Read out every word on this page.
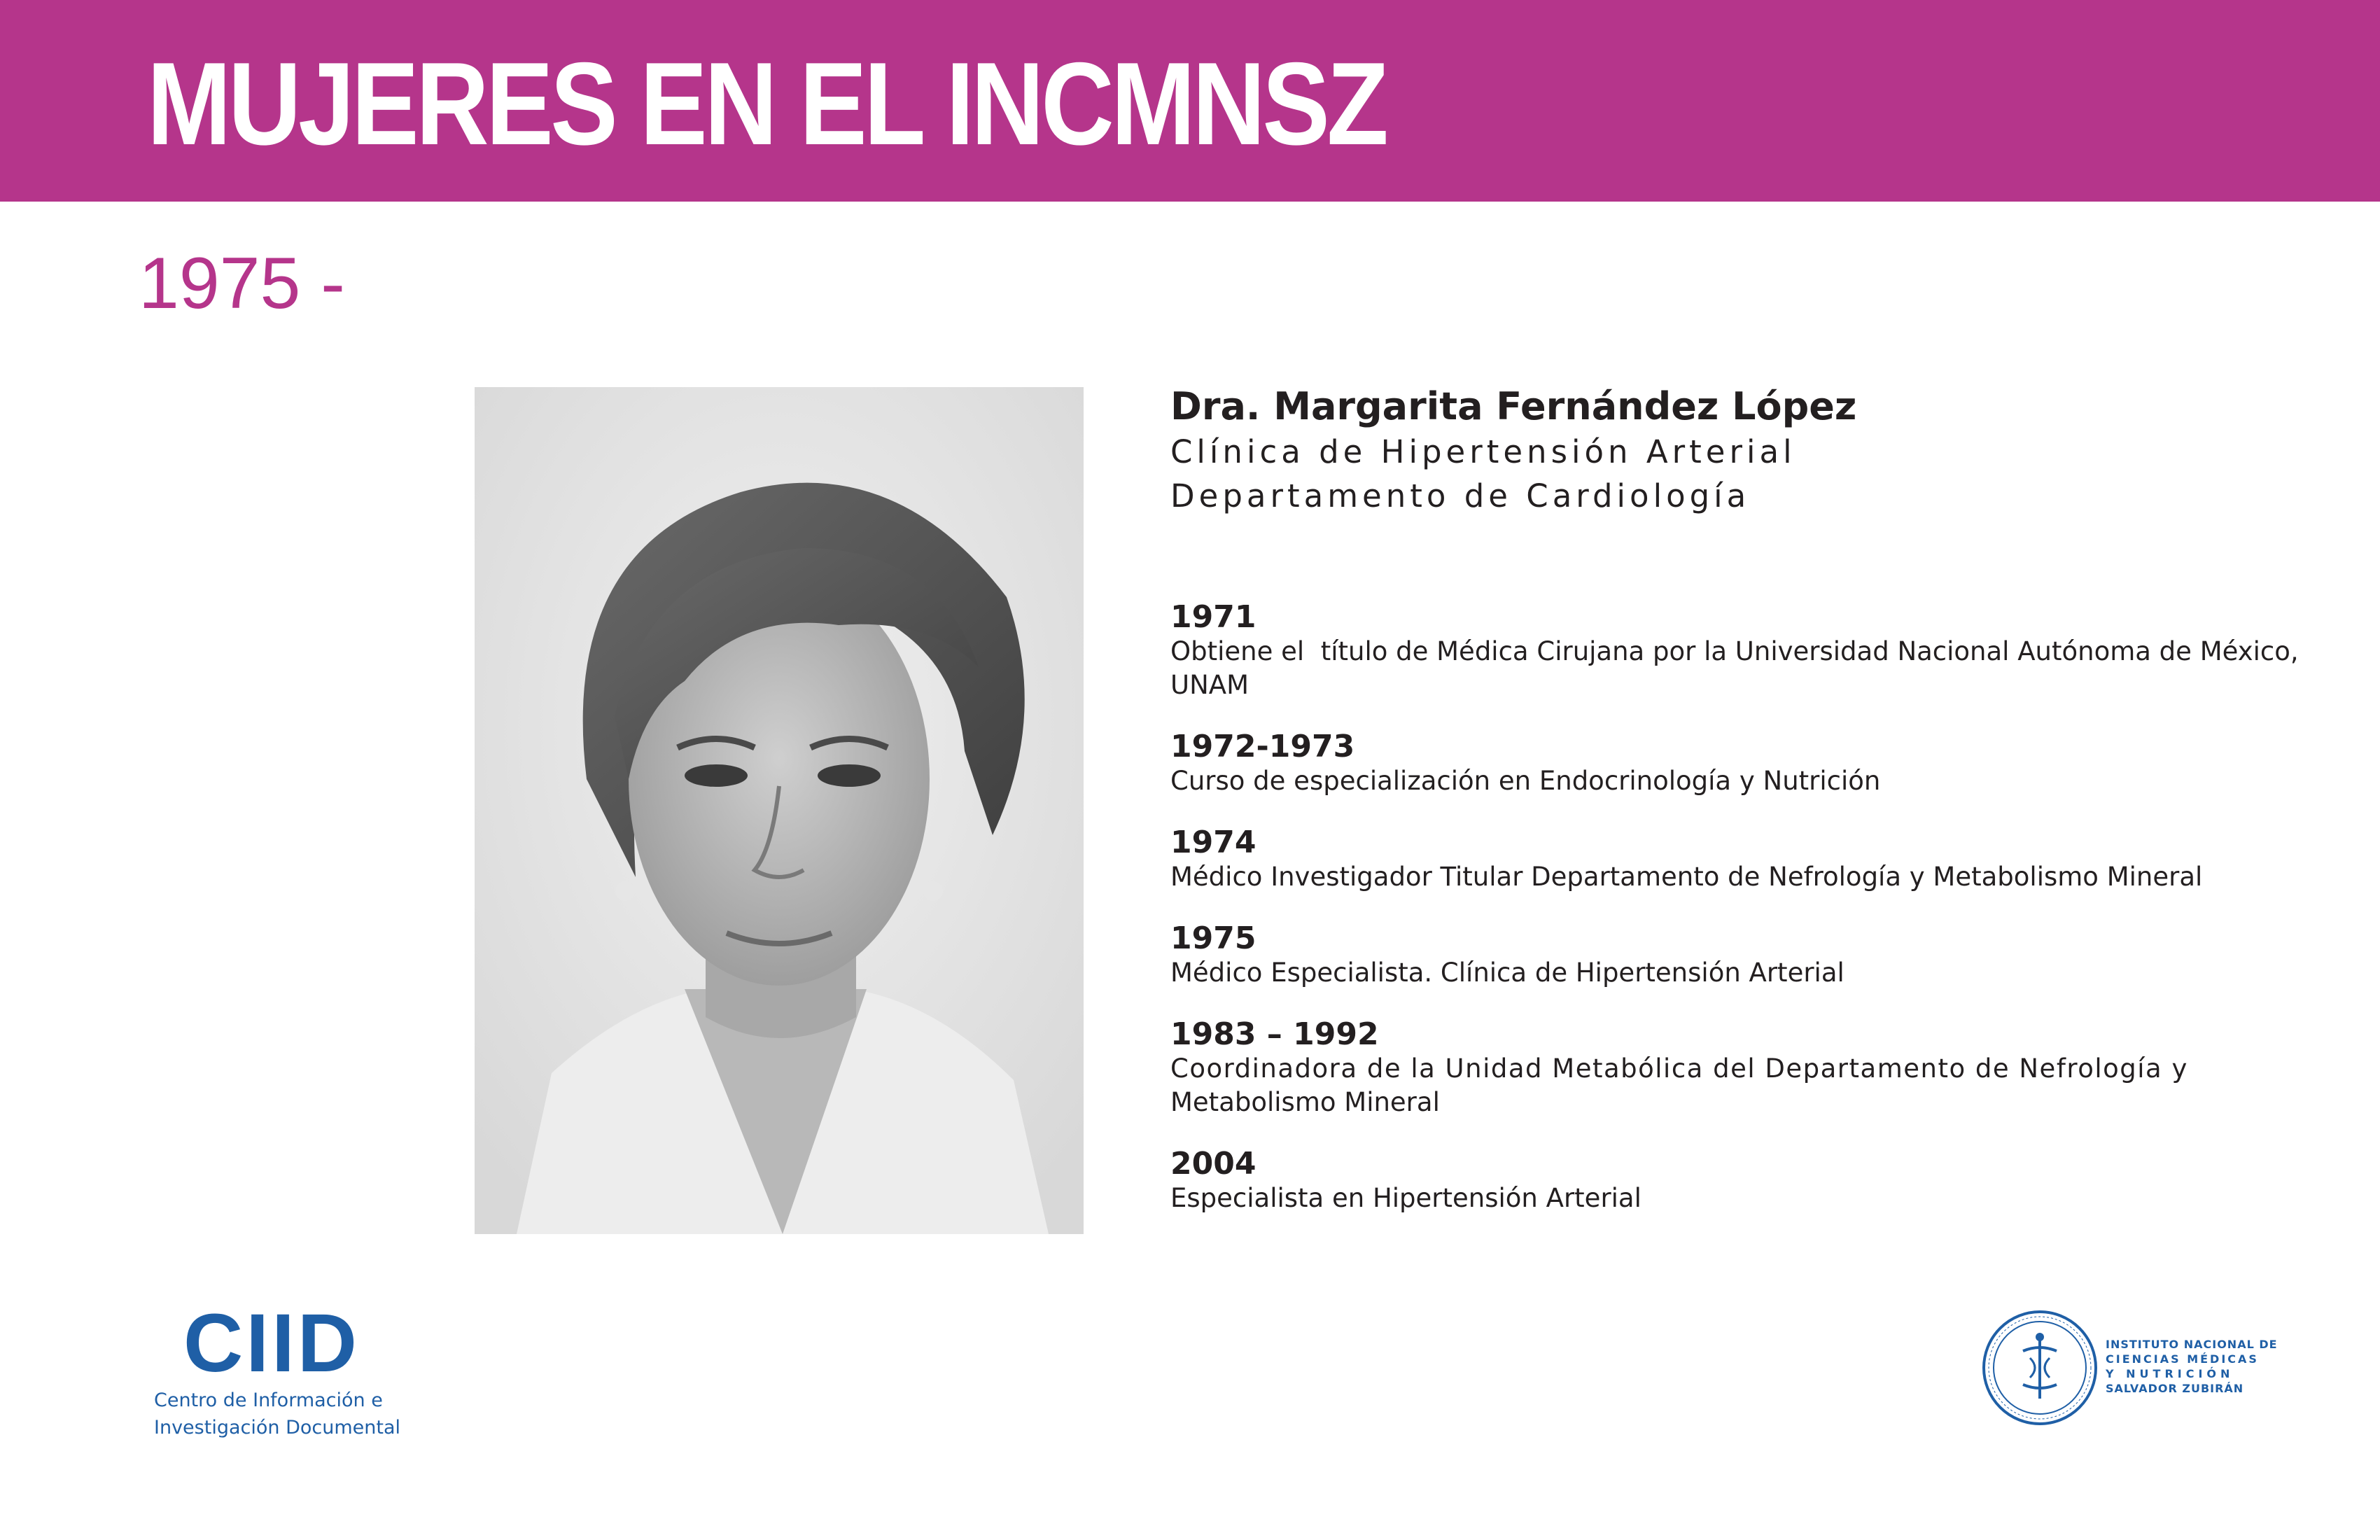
MUJERES EN EL INCMNSZ
1975 -
Dra. Margarita Fernández López
Clínica de Hipertensión Arterial
Departamento de Cardiología
1971
Obtiene el  título de Médica Cirujana por la Universidad Nacional Autónoma de México,
UNAM
1972-1973
Curso de especialización en Endocrinología y Nutrición
1974
Médico Investigador Titular Departamento de Nefrología y Metabolismo Mineral
1975
Médico Especialista. Clínica de Hipertensión Arterial
1983 – 1992
Coordinadora de la Unidad Metabólica del Departamento de Nefrología y
Metabolismo Mineral
2004
Especialista en Hipertensión Arterial
CIID
Centro de Información e
Investigación Documental
INSTITUTO NACIONAL DE
CIENCIAS MÉDICAS
Y NUTRICIÓN
SALVADOR ZUBIRÁN
